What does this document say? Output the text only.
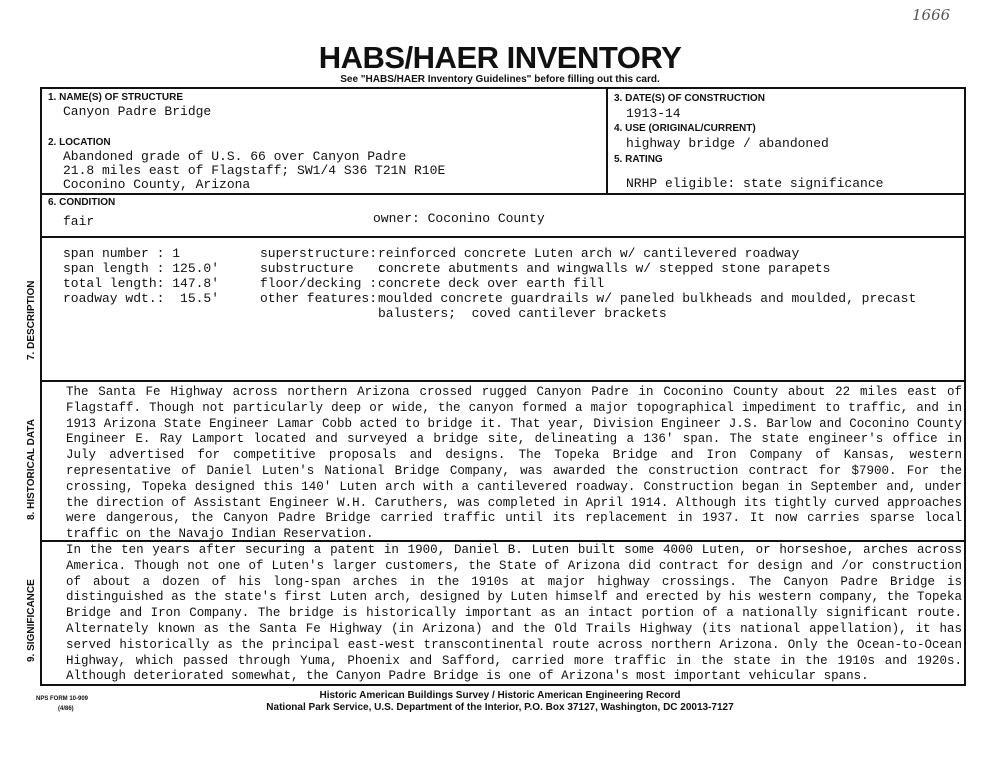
1666
HABS/HAER INVENTORY
See "HABS/HAER Inventory Guidelines" before filling out this card.
1. NAME(S) OF STRUCTURE
Canyon Padre Bridge
2. LOCATION
Abandoned grade of U.S. 66 over Canyon Padre
21.8 miles east of Flagstaff; SW1/4 S36 T21N R10E
Coconino County, Arizona
3. DATE(S) OF CONSTRUCTION
1913-14
4. USE (ORIGINAL/CURRENT)
highway bridge / abandoned
5. RATING
NRHP eligible: state significance
6. CONDITION
fair	owner: Coconino County
7. DESCRIPTION
span number : 1
span length : 125.0'
total length: 147.8'
roadway wdt.:  15.5'
superstructure:
substructure   :
floor/decking :
other features:
reinforced concrete Luten arch w/ cantilevered roadway
concrete abutments and wingwalls w/ stepped stone parapets
concrete deck over earth fill
moulded concrete guardrails w/ paneled bulkheads and moulded, precast
balusters;  coved cantilever brackets
8. HISTORICAL DATA
The Santa Fe Highway across northern Arizona crossed rugged Canyon Padre in Coconino County about 22 miles east of Flagstaff. Though not particularly deep or wide, the canyon formed a major topographical impediment to traffic, and in 1913 Arizona State Engineer Lamar Cobb acted to bridge it. That year, Division Engineer J.S. Barlow and Coconino County Engineer E. Ray Lamport located and surveyed a bridge site, delineating a 136' span. The state engineer's office in July advertised for competitive proposals and designs. The Topeka Bridge and Iron Company of Kansas, western representative of Daniel Luten's National Bridge Company, was awarded the construction contract for $7900. For the crossing, Topeka designed this 140' Luten arch with a cantilevered roadway. Construction began in September and, under the direction of Assistant Engineer W.H. Caruthers, was completed in April 1914. Although its tightly curved approaches were dangerous, the Canyon Padre Bridge carried traffic until its replacement in 1937. It now carries sparse local traffic on the Navajo Indian Reservation.
9. SIGNIFICANCE
In the ten years after securing a patent in 1900, Daniel B. Luten built some 4000 Luten, or horseshoe, arches across America. Though not one of Luten's larger customers, the State of Arizona did contract for design and /or construction of about a dozen of his long-span arches in the 1910s at major highway crossings. The Canyon Padre Bridge is distinguished as the state's first Luten arch, designed by Luten himself and erected by his western company, the Topeka Bridge and Iron Company. The bridge is historically important as an intact portion of a nationally significant route. Alternately known as the Santa Fe Highway (in Arizona) and the Old Trails Highway (its national appellation), it has served historically as the principal east-west transcontinental route across northern Arizona. Only the Ocean-to-Ocean Highway, which passed through Yuma, Phoenix and Safford, carried more traffic in the state in the 1910s and 1920s. Although deteriorated somewhat, the Canyon Padre Bridge is one of Arizona's most important vehicular spans.
NPS FORM 10-909
(4/86)
Historic American Buildings Survey / Historic American Engineering Record
National Park Service, U.S. Department of the Interior, P.O. Box 37127, Washington, DC 20013-7127
